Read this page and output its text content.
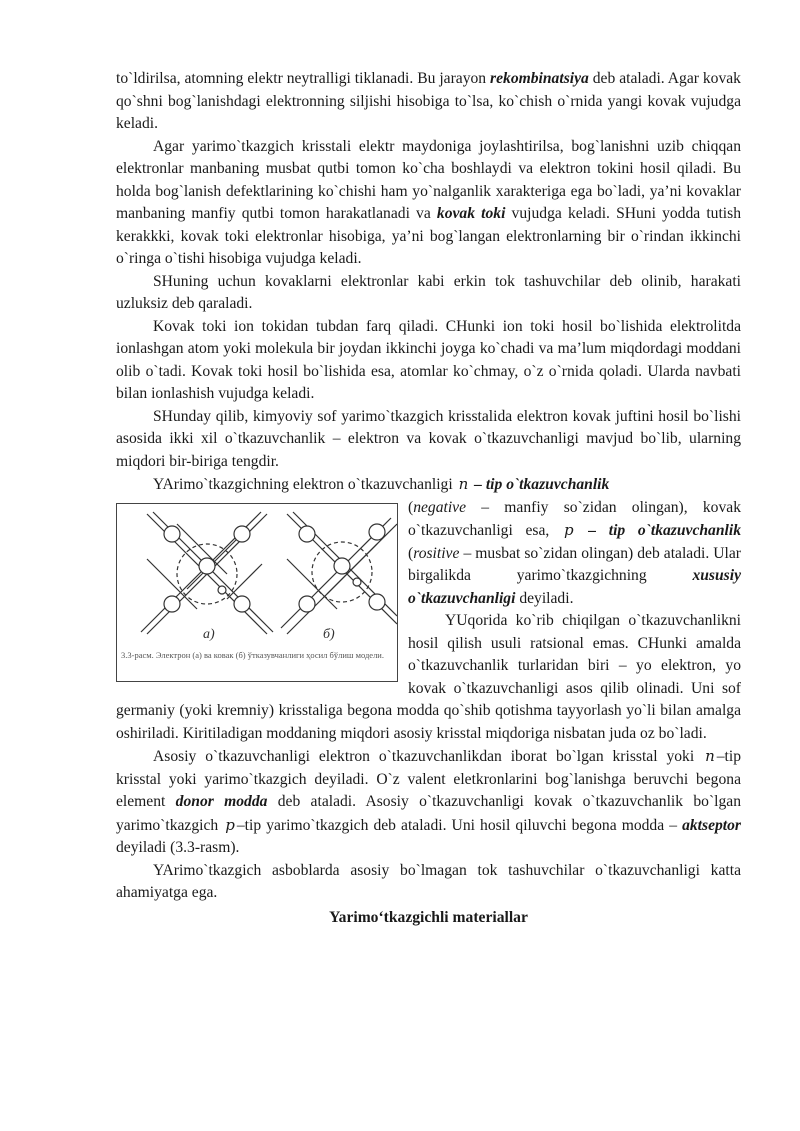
to`ldirilsa, atomning elektr neytralligi tiklanadi. Bu jarayon rekombinatsiya deb ataladi. Agar kovak qo`shni bog`lanishdagi elektronning siljishi hisobiga to`lsa, ko`chish o`rnida yangi kovak vujudga keladi.

Agar yarimo`tkazgich krisstali elektr maydoniga joylashtirilsa, bog`lanishni uzib chiqqan elektronlar manbaning musbat qutbi tomon ko`cha boshlaydi va elektron tokini hosil qiladi. Bu holda bog`lanish defektlarining ko`chishi ham yo`nalganlik xarakteriga ega bo`ladi, ya’ni kovaklar manbaning manfiy qutbi tomon harakatlanadi va kovak toki vujudga keladi. SHuni yodda tutish kerakkki, kovak toki elektronlar hisobiga, ya’ni bog`langan elektronlarning bir o`rindan ikkinchi o`ringa o`tishi hisobiga vujudga keladi.

SHuning uchun kovaklarni elektronlar kabi erkin tok tashuvchilar deb olinib, harakati uzluksiz deb qaraladi.

Kovak toki ion tokidan tubdan farq qiladi. CHunki ion toki hosil bo`lishida elektrolitda ionlashgan atom yoki molekula bir joydan ikkinchi joyga ko`chadi va ma’lum miqdordagi moddani olib o`tadi. Kovak toki hosil bo`lishida esa, atomlar ko`chmay, o`z o`rnida qoladi. Ularda navbati bilan ionlashish vujudga keladi.

SHunday qilib, kimyoviy sof yarimo`tkazgich krisstalida elektron kovak juftini hosil bo`lishi asosida ikki xil o`tkazuvchanlik – elektron va kovak o`tkazuvchanligi mavjud bo`lib, ularning miqdori bir-biriga tengdir.

YArimo`tkazgichning elektron o`tkazuvchanligi n – tip o`tkazuvchanlik

a)	б)
3.3-расм. Электрон (а) ва ковак (б) ўтказувчанлиги ҳосил бўлиш модели.

(negative – manfiy so`zidan olingan), kovak o`tkazuvchanligi esa, p – tip o`tkazuvchanlik (rositive – musbat so`zidan olingan) deb ataladi. Ular birgalikda yarimo`tkazgichning xususiy o`tkazuvchanligi deyiladi.

YUqorida ko`rib chiqilgan o`tkazuvchanlikni hosil qilish usuli ratsional emas. CHunki amalda o`tkazuvchanlik turlaridan biri – yo elektron, yo kovak o`tkazuvchanligi asos qilib olinadi. Uni sof germaniy (yoki kremniy) krisstaliga begona modda qo`shib qotishma tayyorlash yo`li bilan amalga oshiriladi. Kiritiladigan moddaning miqdori asosiy krisstal miqdoriga nisbatan juda oz bo`ladi.

Asosiy o`tkazuvchanligi elektron o`tkazuvchanlikdan iborat bo`lgan krisstal yoki n –tip krisstal yoki yarimo`tkazgich deyiladi. O`z valent eletkronlarini bog`lanishga beruvchi begona element donor modda deb ataladi. Asosiy o`tkazuvchanligi kovak o`tkazuvchanlik bo`lgan yarimo`tkazgich p –tip yarimo`tkazgich deb ataladi. Uni hosil qiluvchi begona modda – aktseptor deyiladi (3.3-rasm).

YArimo`tkazgich asboblarda asosiy bo`lmagan tok tashuvchilar o`tkazuvchanligi katta ahamiyatga ega.

Yarimo‘tkazgichli materiallar
